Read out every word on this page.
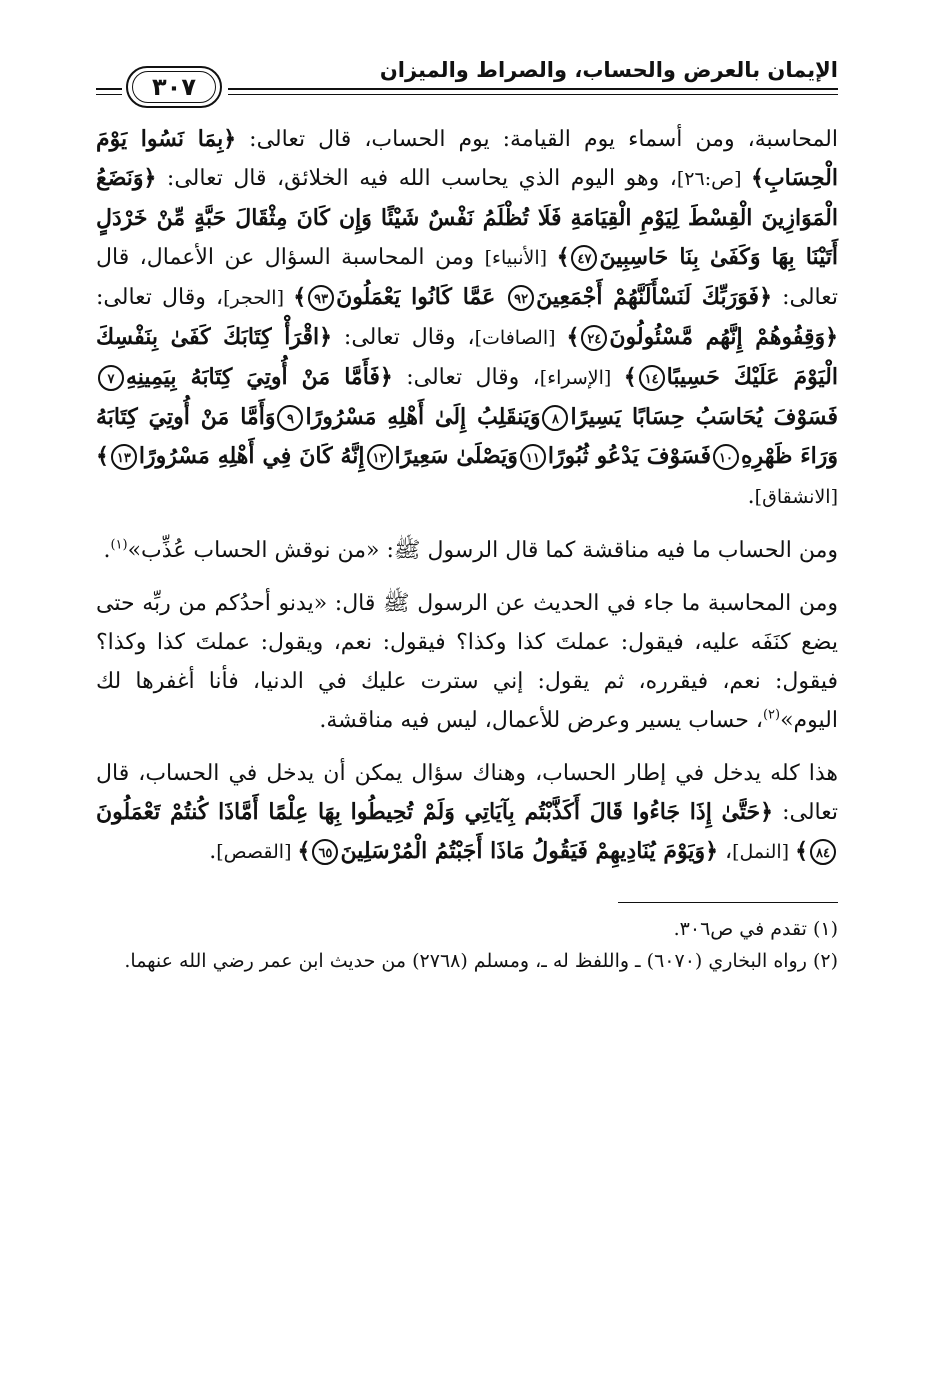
٣٠٧
الإيمان بالعرض والحساب، والصراط والميزان

المحاسبة، ومن أسماء يوم القيامة: يوم الحساب، قال تعالى: ﴿بِمَا نَسُوا يَوْمَ الْحِسَابِ﴾ [ص:٢٦]، وهو اليوم الذي يحاسب الله فيه الخلائق، قال تعالى: ﴿وَنَضَعُ الْمَوَازِينَ الْقِسْطَ لِيَوْمِ الْقِيَامَةِ فَلَا تُظْلَمُ نَفْسٌ شَيْئًا وَإِن كَانَ مِثْقَالَ حَبَّةٍ مِّنْ خَرْدَلٍ أَتَيْنَا بِهَا وَكَفَىٰ بِنَا حَاسِبِينَ٤٧﴾ [الأنبياء] ومن المحاسبة السؤال عن الأعمال، قال تعالى: ﴿فَوَرَبِّكَ لَنَسْأَلَنَّهُمْ أَجْمَعِينَ٩٢ عَمَّا كَانُوا يَعْمَلُونَ٩٣﴾ [الحجر]، وقال تعالى: ﴿وَقِفُوهُمْ إِنَّهُم مَّسْئُولُونَ٢٤﴾ [الصافات]، وقال تعالى: ﴿اقْرَأْ كِتَابَكَ كَفَىٰ بِنَفْسِكَ الْيَوْمَ عَلَيْكَ حَسِيبًا١٤﴾ [الإسراء]، وقال تعالى: ﴿فَأَمَّا مَنْ أُوتِيَ كِتَابَهُ بِيَمِينِهِ٧فَسَوْفَ يُحَاسَبُ حِسَابًا يَسِيرًا٨وَيَنقَلِبُ إِلَىٰ أَهْلِهِ مَسْرُورًا٩وَأَمَّا مَنْ أُوتِيَ كِتَابَهُ وَرَاءَ ظَهْرِهِ١٠فَسَوْفَ يَدْعُو ثُبُورًا١١وَيَصْلَىٰ سَعِيرًا١٢إِنَّهُ كَانَ فِي أَهْلِهِ مَسْرُورًا١٣﴾ [الانشقاق].

ومن الحساب ما فيه مناقشة كما قال الرسول ﷺ: «من نوقش الحساب عُذِّب»$^{(١)}$.

ومن المحاسبة ما جاء في الحديث عن الرسول ﷺ قال: «يدنو أحدُكم من ربِّه حتى يضع كنَفَه عليه، فيقول: عملتَ كذا وكذا؟ فيقول: نعم، ويقول: عملتَ كذا وكذا؟ فيقول: نعم، فيقرره، ثم يقول: إني سترت عليك في الدنيا، فأنا أغفرها لك اليوم»$^{(٢)}$، حساب يسير وعرض للأعمال، ليس فيه مناقشة.

هذا كله يدخل في إطار الحساب، وهناك سؤال يمكن أن يدخل في الحساب، قال تعالى: ﴿حَتَّىٰ إِذَا جَاءُوا قَالَ أَكَذَّبْتُم بِآيَاتِي وَلَمْ تُحِيطُوا بِهَا عِلْمًا أَمَّاذَا كُنتُمْ تَعْمَلُونَ٨٤﴾ [النمل]، ﴿وَيَوْمَ يُنَادِيهِمْ فَيَقُولُ مَاذَا أَجَبْتُمُ الْمُرْسَلِينَ٦٥﴾ [القصص].

(١) تقدم في ص٣٠٦.

(٢) رواه البخاري (٦٠٧٠) ـ واللفظ له ـ، ومسلم (٢٧٦٨) من حديث ابن عمر رضي الله عنهما.
